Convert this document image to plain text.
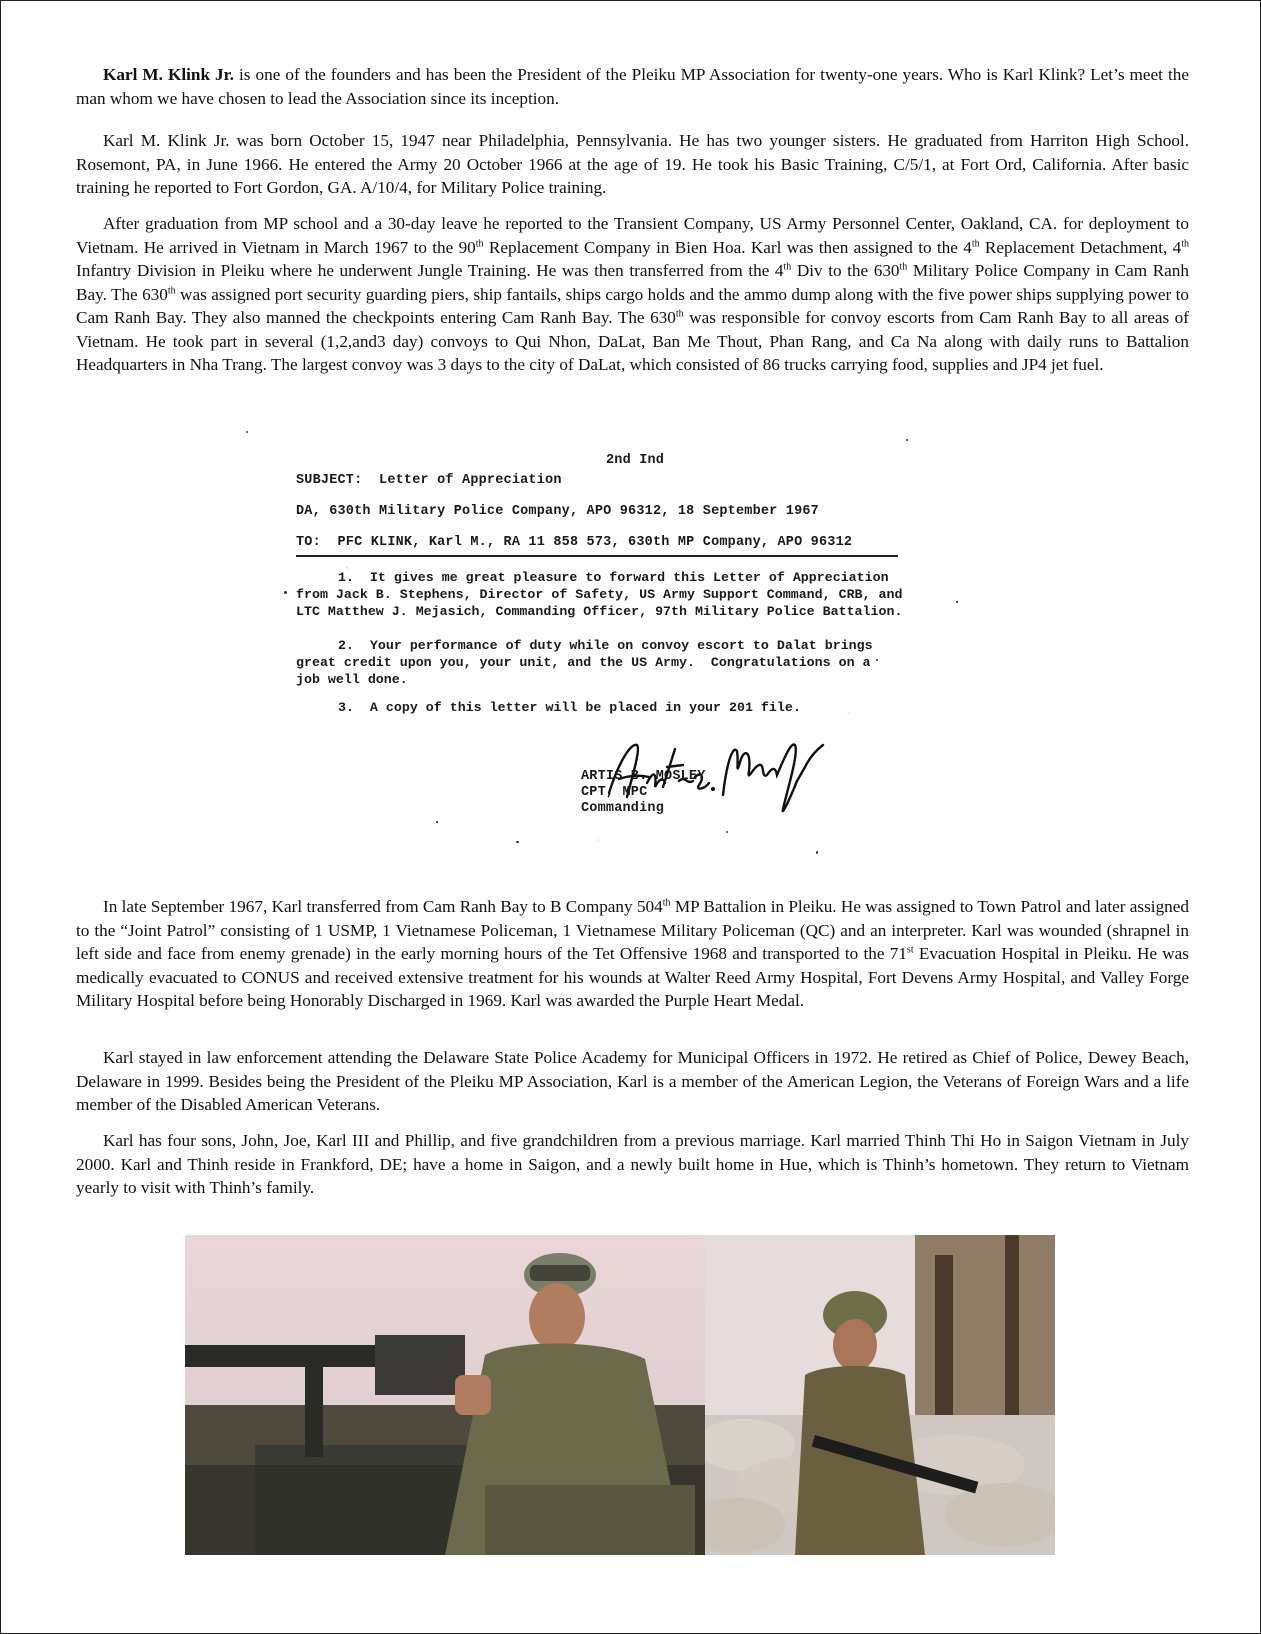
Karl M. Klink Jr. is one of the founders and has been the President of the Pleiku MP Association for twenty-one years. Who is Karl Klink? Let’s meet the man whom we have chosen to lead the Association since its inception.

Karl M. Klink Jr. was born October 15, 1947 near Philadelphia, Pennsylvania. He has two younger sisters. He graduated from Harriton High School. Rosemont, PA, in June 1966. He entered the Army 20 October 1966 at the age of 19. He took his Basic Training, C/5/1, at Fort Ord, California. After basic training he reported to Fort Gordon, GA. A/10/4, for Military Police training.

After graduation from MP school and a 30-day leave he reported to the Transient Company, US Army Personnel Center, Oakland, CA. for deployment to Vietnam. He arrived in Vietnam in March 1967 to the 90th Replacement Company in Bien Hoa. Karl was then assigned to the 4th Replacement Detachment, 4th Infantry Division in Pleiku where he underwent Jungle Training. He was then transferred from the 4th Div to the 630th Military Police Company in Cam Ranh Bay. The 630th was assigned port security guarding piers, ship fantails, ships cargo holds and the ammo dump along with the five power ships supplying power to Cam Ranh Bay. They also manned the checkpoints entering Cam Ranh Bay. The 630th was responsible for convoy escorts from Cam Ranh Bay to all areas of Vietnam. He took part in several (1,2,and3 day) convoys to Qui Nhon, DaLat, Ban Me Thout, Phan Rang, and Ca Na along with daily runs to Battalion Headquarters in Nha Trang. The largest convoy was 3 days to the city of DaLat, which consisted of 86 trucks carrying food, supplies and JP4 jet fuel.

2nd Ind
SUBJECT:  Letter of Appreciation
DA, 630th Military Police Company, APO 96312, 18 September 1967
TO:  PFC KLINK, Karl M., RA 11 858 573, 630th MP Company, APO 96312
1.  It gives me great pleasure to forward this Letter of Appreciation
from Jack B. Stephens, Director of Safety, US Army Support Command, CRB, and
LTC Matthew J. Mejasich, Commanding Officer, 97th Military Police Battalion.
2.  Your performance of duty while on convoy escort to Dalat brings
great credit upon you, your unit, and the US Army.  Congratulations on a
job well done.
3.  A copy of this letter will be placed in your 201 file.
ARTIS B. MOSLEY
CPT, MPC
Commanding

In late September 1967, Karl transferred from Cam Ranh Bay to B Company 504th MP Battalion in Pleiku. He was assigned to Town Patrol and later assigned to the “Joint Patrol” consisting of 1 USMP, 1 Vietnamese Policeman, 1 Vietnamese Military Policeman (QC) and an interpreter. Karl was wounded (shrapnel in left side and face from enemy grenade) in the early morning hours of the Tet Offensive 1968 and transported to the 71st Evacuation Hospital in Pleiku. He was medically evacuated to CONUS and received extensive treatment for his wounds at Walter Reed Army Hospital, Fort Devens Army Hospital, and Valley Forge Military Hospital before being Honorably Discharged in 1969. Karl was awarded the Purple Heart Medal.

Karl stayed in law enforcement attending the Delaware State Police Academy for Municipal Officers in 1972. He retired as Chief of Police, Dewey Beach, Delaware in 1999. Besides being the President of the Pleiku MP Association, Karl is a member of the American Legion, the Veterans of Foreign Wars and a life member of the Disabled American Veterans.

Karl has four sons, John, Joe, Karl III and Phillip, and five grandchildren from a previous marriage. Karl married Thinh Thi Ho in Saigon Vietnam in July 2000. Karl and Thinh reside in Frankford, DE; have a home in Saigon, and a newly built home in Hue, which is Thinh’s hometown. They return to Vietnam yearly to visit with Thinh’s family.
